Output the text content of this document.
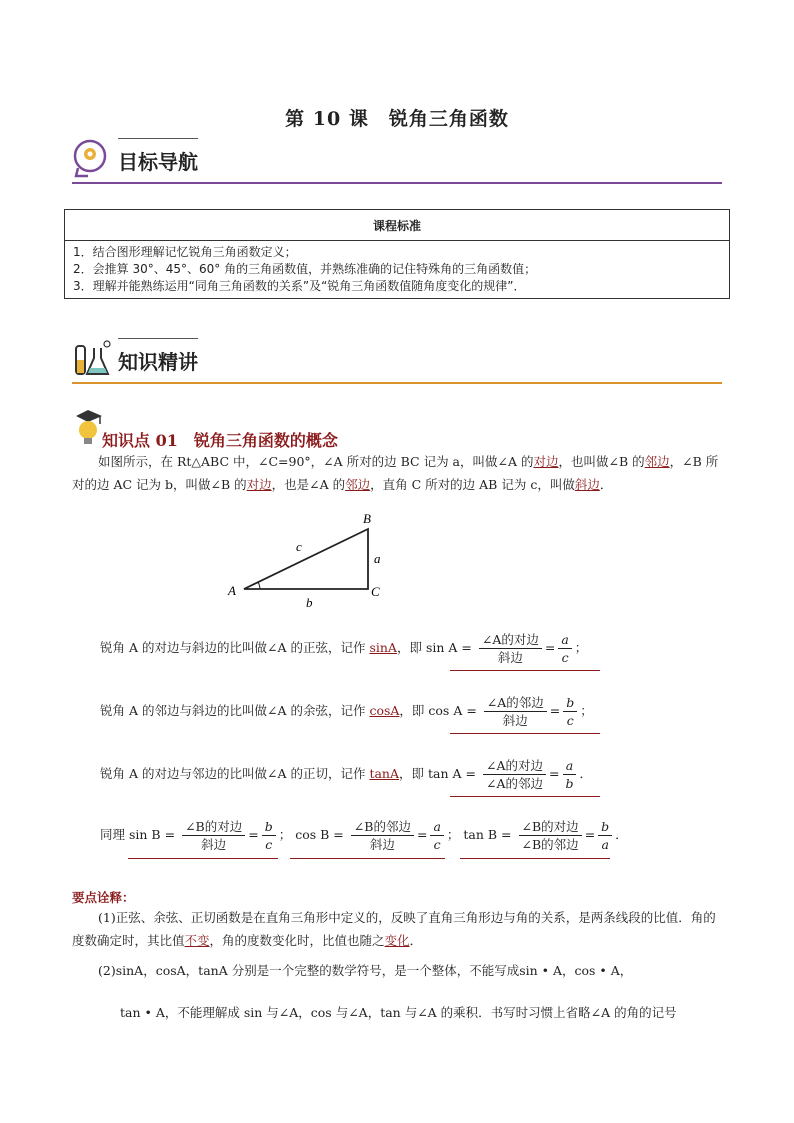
第 10 课　锐角三角函数
目标导航
课程标准

1．结合图形理解记忆锐角三角函数定义；
2．会推算 30°、45°、60° 角的三角函数值，并熟练准确的记住特殊角的三角函数值；
3．理解并能熟练运用“同角三角函数的关系”及“锐角三角函数值随角度变化的规律”．
知识精讲
知识点 01　锐角三角函数的概念
如图所示，在 Rt△ABC 中，∠C=90°，∠A 所对的边 BC 记为 a，叫做∠A 的对边，也叫做∠B 的邻边，∠B 所对的边 AC 记为 b，叫做∠B 的对边，也是∠A 的邻边，直角 C 所对的边 AB 记为 c，叫做斜边．
A
B
C
a
b
c
锐角 A 的对边与斜边的比叫做∠A 的正弦，记作 sinA，即 $\sin A = \frac{\text{∠A的对边}}{\text{斜边}} = \frac{a}{c}$ ；
锐角 A 的邻边与斜边的比叫做∠A 的余弦，记作 cosA，即 $\cos A = \frac{\text{∠A的邻边}}{\text{斜边}} = \frac{b}{c}$ ；
锐角 A 的对边与邻边的比叫做∠A 的正切，记作 tanA，即 $\tan A = \frac{\text{∠A的对边}}{\text{∠A的邻边}} = \frac{a}{b}$ ．
同理 $\sin B = \frac{\text{∠B的对边}}{\text{斜边}} = \frac{b}{c}$ ； $\cos B = \frac{\text{∠B的邻边}}{\text{斜边}} = \frac{a}{c}$ ； $\tan B = \frac{\text{∠B的对边}}{\text{∠B的邻边}} = \frac{b}{a}$ ．
要点诠释：
(1)正弦、余弦、正切函数是在直角三角形中定义的，反映了直角三角形边与角的关系，是两条线段的比值．角的度数确定时，其比值不变，角的度数变化时，比值也随之变化．
(2)sinA，cosA，tanA 分别是一个完整的数学符号，是一个整体，不能写成sin • A，cos • A，
tan • A，不能理解成 sin 与∠A，cos 与∠A，tan 与∠A 的乘积．书写时习惯上省略∠A 的角的记号
